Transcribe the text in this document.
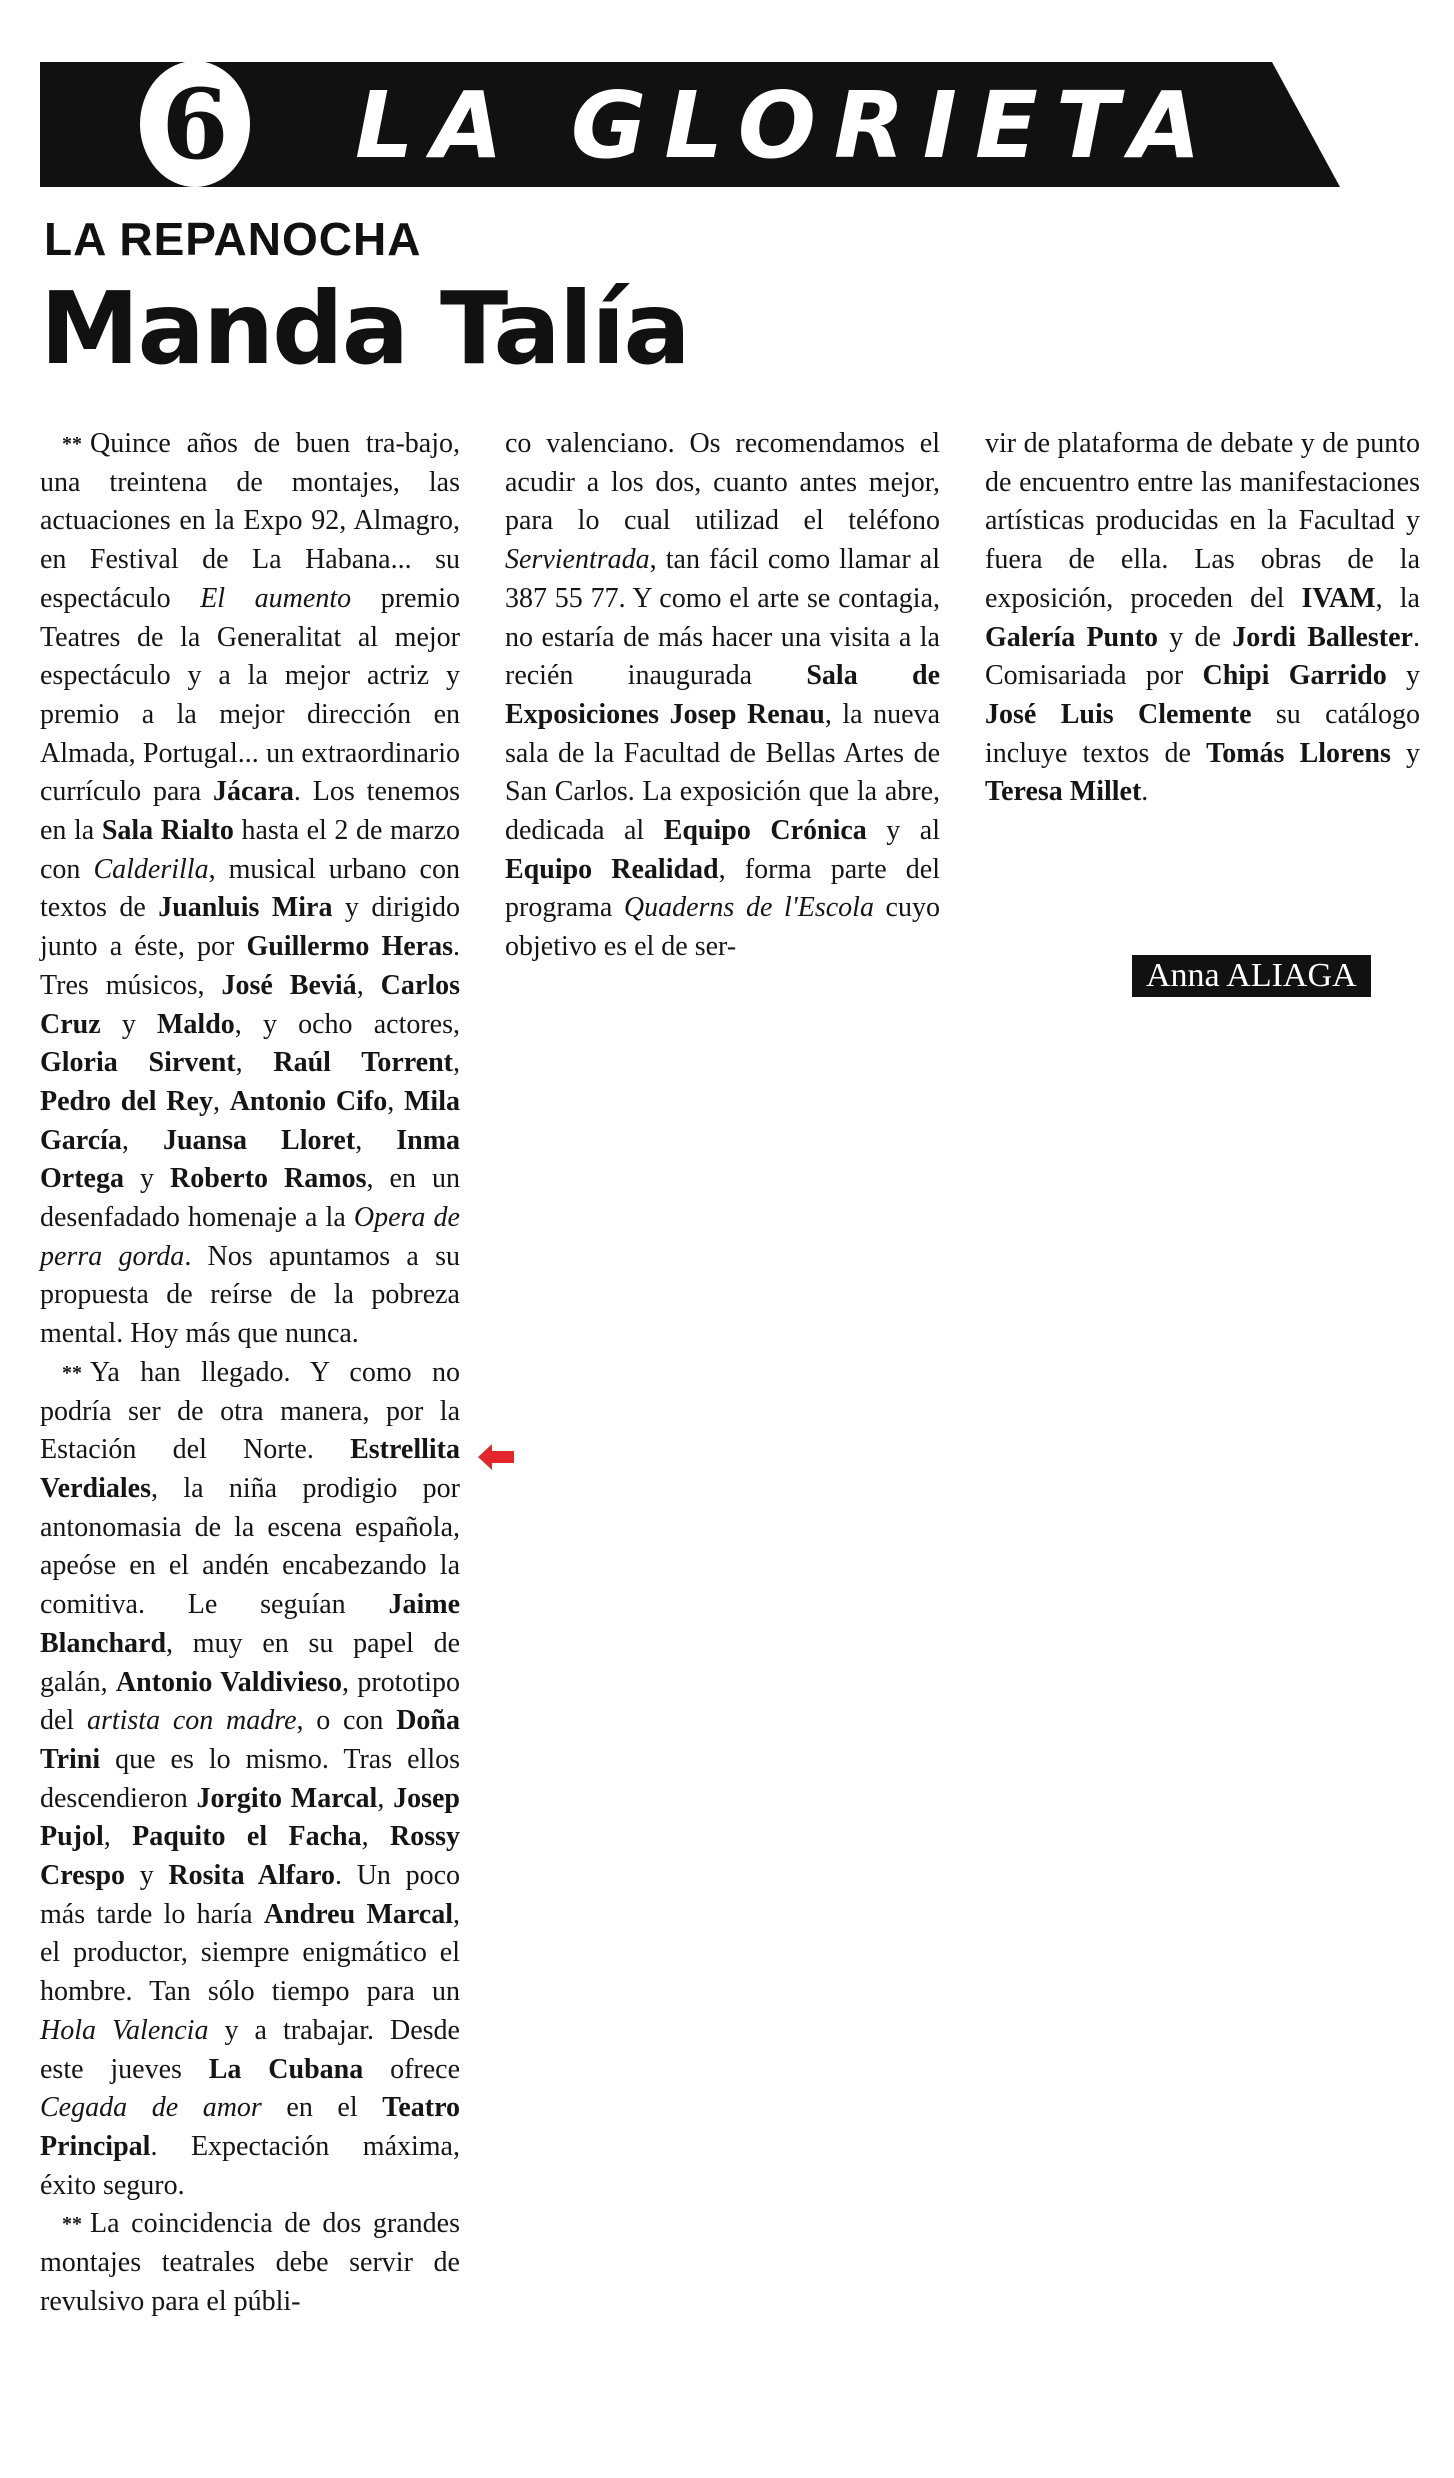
6 LA GLORIETA
LA REPANOCHA
Manda Talía

** Quince años de buen tra-bajo, una treintena de montajes, las actuaciones en la Expo 92, Almagro, en Festival de La Habana... su espectáculo El aumento premio Teatres de la Generalitat al mejor espectáculo y a la mejor actriz y premio a la mejor dirección en Almada, Portugal... un extraordinario currículo para Jácara. Los tenemos en la Sala Rialto hasta el 2 de marzo con Calderilla, musical urbano con textos de Juanluis Mira y dirigido junto a éste, por Guillermo Heras. Tres músicos, José Beviá, Carlos Cruz y Maldo, y ocho actores, Gloria Sirvent, Raúl Torrent, Pedro del Rey, Antonio Cifo, Mila García, Juansa Lloret, Inma Ortega y Roberto Ramos, en un desenfadado homenaje a la Opera de perra gorda. Nos apuntamos a su propuesta de reírse de la pobreza mental. Hoy más que nunca.

** Ya han llegado. Y como no podría ser de otra manera, por la Estación del Norte. Estrellita Verdiales, la niña prodigio por antonomasia de la escena española, apeóse en el andén encabezando la comitiva. Le seguían Jaime Blanchard, muy en su papel de galán, Antonio Valdivieso, prototipo del artista con madre, o con Doña Trini que es lo mismo. Tras ellos descendieron Jorgito Marcal, Josep Pujol, Paquito el Facha, Rossy Crespo y Rosita Alfaro. Un poco más tarde lo haría Andreu Marcal, el productor, siempre enigmático el hombre. Tan sólo tiempo para un Hola Valencia y a trabajar. Desde este jueves La Cubana ofrece Cegada de amor en el Teatro Principal. Expectación máxima, éxito seguro.

** La coincidencia de dos grandes montajes teatrales debe servir de revulsivo para el públi-

co valenciano. Os recomendamos el acudir a los dos, cuanto antes mejor, para lo cual utilizad el teléfono Servientrada, tan fácil como llamar al 387 55 77. Y como el arte se contagia, no estaría de más hacer una visita a la recién inaugurada Sala de Exposiciones Josep Renau, la nueva sala de la Facultad de Bellas Artes de San Carlos. La exposición que la abre, dedicada al Equipo Crónica y al Equipo Realidad, forma parte del programa Quaderns de l'Escola cuyo objetivo es el de ser-

vir de plataforma de debate y de punto de encuentro entre las manifestaciones artísticas producidas en la Facultad y fuera de ella. Las obras de la exposición, proceden del IVAM, la Galería Punto y de Jordi Ballester. Comisariada por Chipi Garrido y José Luis Clemente su catálogo incluye textos de Tomás Llorens y Teresa Millet.

Anna ALIAGA
